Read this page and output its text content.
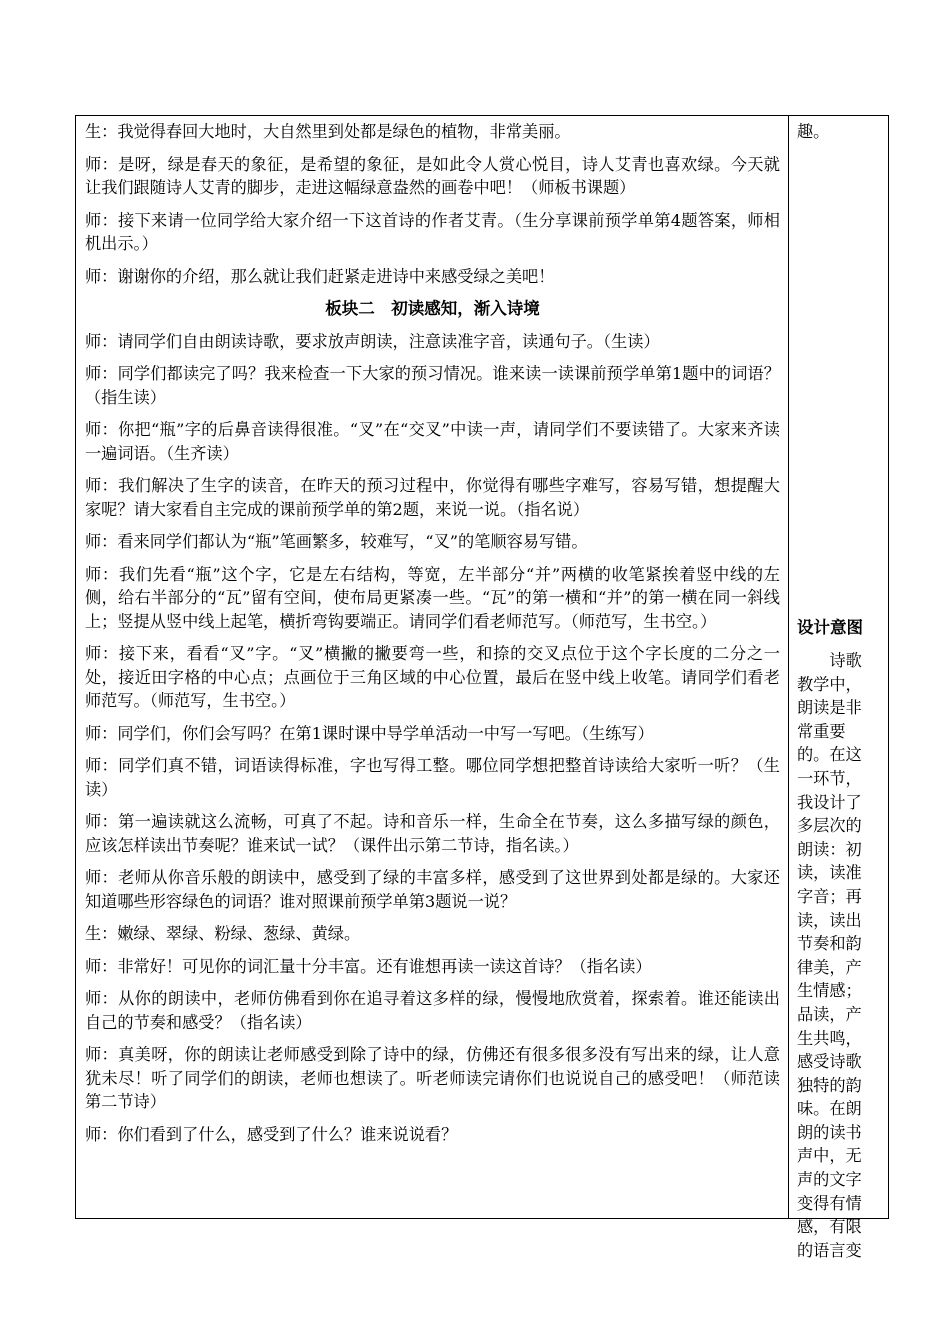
生：我觉得春回大地时，大自然里到处都是绿色的植物，非常美丽。

师：是呀，绿是春天的象征，是希望的象征，是如此令人赏心悦目，诗人艾青也喜欢绿。今天就让我们跟随诗人艾青的脚步，走进这幅绿意盎然的画卷中吧！（师板书课题）

师：接下来请一位同学给大家介绍一下这首诗的作者艾青。（生分享课前预学单第4题答案，师相机出示。）

师：谢谢你的介绍，那么就让我们赶紧走进诗中来感受绿之美吧！

板块二　初读感知，渐入诗境

师：请同学们自由朗读诗歌，要求放声朗读，注意读准字音，读通句子。（生读）

师：同学们都读完了吗？我来检查一下大家的预习情况。谁来读一读课前预学单第1题中的词语？（指生读）

师：你把“瓶”字的后鼻音读得很准。“叉”在“交叉”中读一声，请同学们不要读错了。大家来齐读一遍词语。（生齐读）

师：我们解决了生字的读音，在昨天的预习过程中，你觉得有哪些字难写，容易写错，想提醒大家呢？请大家看自主完成的课前预学单的第2题，来说一说。（指名说）

师：看来同学们都认为“瓶”笔画繁多，较难写，“叉”的笔顺容易写错。

师：我们先看“瓶”这个字，它是左右结构，等宽，左半部分“并”两横的收笔紧挨着竖中线的左侧，给右半部分的“瓦”留有空间，使布局更紧凑一些。“瓦”的第一横和“并”的第一横在同一斜线上；竖提从竖中线上起笔，横折弯钩要端正。请同学们看老师范写。（师范写，生书空。）

师：接下来，看看“叉”字。“叉”横撇的撇要弯一些，和捺的交叉点位于这个字长度的二分之一处，接近田字格的中心点；点画位于三角区域的中心位置，最后在竖中线上收笔。请同学们看老师范写。（师范写，生书空。）

师：同学们，你们会写吗？在第1课时课中导学单活动一中写一写吧。（生练写）

师：同学们真不错，词语读得标准，字也写得工整。哪位同学想把整首诗读给大家听一听？（生读）

师：第一遍读就这么流畅，可真了不起。诗和音乐一样，生命全在节奏，这么多描写绿的颜色，应该怎样读出节奏呢？谁来试一试？（课件出示第二节诗，指名读。）

师：老师从你音乐般的朗读中，感受到了绿的丰富多样，感受到了这世界到处都是绿的。大家还知道哪些形容绿色的词语？谁对照课前预学单第3题说一说？

生：嫩绿、翠绿、粉绿、葱绿、黄绿。

师：非常好！可见你的词汇量十分丰富。还有谁想再读一读这首诗？（指名读）

师：从你的朗读中，老师仿佛看到你在追寻着这多样的绿，慢慢地欣赏着，探索着。谁还能读出自己的节奏和感受？（指名读）

师：真美呀，你的朗读让老师感受到除了诗中的绿，仿佛还有很多很多没有写出来的绿，让人意犹未尽！听了同学们的朗读，老师也想读了。听老师读完请你们也说说自己的感受吧！（师范读第二节诗）

师：你们看到了什么，感受到了什么？谁来说说看？

趣。

设计意图

诗歌教学中，朗读是非常重要的。在这一环节，我设计了多层次的朗读：初读，读准字音；再读，读出节奏和韵律美，产生情感；品读，产生共鸣，感受诗歌独特的韵味。在朗朗的读书声中，无声的文字变得有情感，有限的语言变
